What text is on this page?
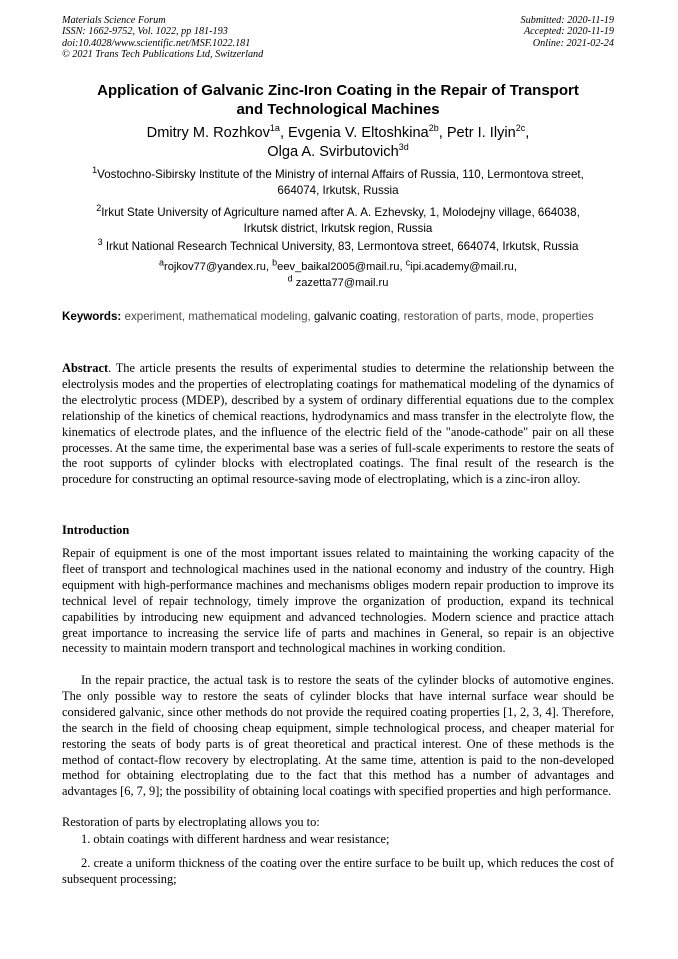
Materials Science Forum
ISSN: 1662-9752, Vol. 1022, pp 181-193
doi:10.4028/www.scientific.net/MSF.1022.181
© 2021 Trans Tech Publications Ltd, Switzerland
Submitted: 2020-11-19
Accepted: 2020-11-19
Online: 2021-02-24
Application of Galvanic Zinc-Iron Coating in the Repair of Transport
and Technological Machines
Dmitry M. Rozhkov$^{1a}$, Evgenia V. Eltoshkina$^{2b}$, Petr I. Ilyin$^{2c}$,
Olga A. Svirbutovich$^{3d}$
$^1$Vostochno-Sibirsky Institute of the Ministry of internal Affairs of Russia, 110, Lermontova street,
664074, Irkutsk, Russia
$^2$Irkut State University of Agriculture named after A. A. Ezhevsky, 1, Molodejny village, 664038,
Irkutsk district, Irkutsk region, Russia
$^3$ Irkut National Research Technical University, 83, Lermontova street, 664074, Irkutsk, Russia
$^a$rojkov77@yandex.ru, $^b$eev_baikal2005@mail.ru, $^c$ipi.academy@mail.ru,
$^d$ zazetta77@mail.ru
Keywords: experiment, mathematical modeling, galvanic coating, restoration of parts, mode, properties
Abstract. The article presents the results of experimental studies to determine the relationship between the electrolysis modes and the properties of electroplating coatings for mathematical modeling of the dynamics of the electrolytic process (MDEP), described by a system of ordinary differential equations due to the complex relationship of the kinetics of chemical reactions, hydrodynamics and mass transfer in the electrolyte flow, the kinematics of electrode plates, and the influence of the electric field of the "anode-cathode" pair on all these processes. At the same time, the experimental base was a series of full-scale experiments to restore the seats of the root supports of cylinder blocks with electroplated coatings. The final result of the research is the procedure for constructing an optimal resource-saving mode of electroplating, which is a zinc-iron alloy.
Introduction
Repair of equipment is one of the most important issues related to maintaining the working capacity of the fleet of transport and technological machines used in the national economy and industry of the country. High equipment with high-performance machines and mechanisms obliges modern repair production to improve its technical level of repair technology, timely improve the organization of production, expand its technical capabilities by introducing new equipment and advanced technologies. Modern science and practice attach great importance to increasing the service life of parts and machines in General, so repair is an objective necessity to maintain modern transport and technological machines in working condition.
In the repair practice, the actual task is to restore the seats of the cylinder blocks of automotive engines. The only possible way to restore the seats of cylinder blocks that have internal surface wear should be considered galvanic, since other methods do not provide the required coating properties [1, 2, 3, 4]. Therefore, the search in the field of choosing cheap equipment, simple technological process, and cheaper material for restoring the seats of body parts is of great theoretical and practical interest. One of these methods is the method of contact-flow recovery by electroplating. At the same time, attention is paid to the non-developed method for obtaining electroplating due to the fact that this method has a number of advantages and advantages [6, 7, 9]; the possibility of obtaining local coatings with specified properties and high performance.
Restoration of parts by electroplating allows you to:
1. obtain coatings with different hardness and wear resistance;
2. create a uniform thickness of the coating over the entire surface to be built up, which reduces the cost of subsequent processing;
